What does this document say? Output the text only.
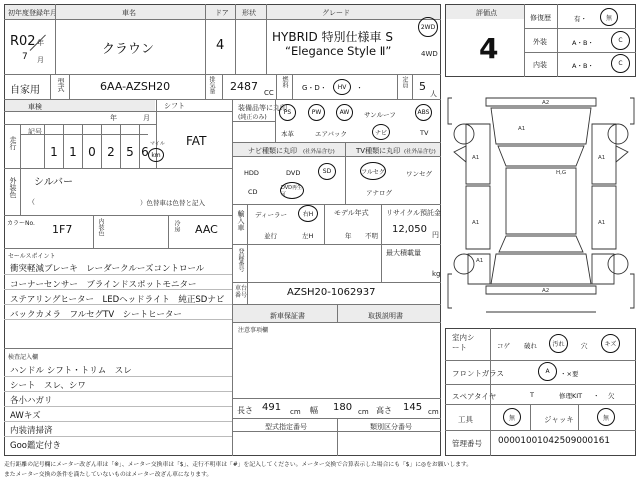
初年度登録年月	車名	ドア 形状	グレード
R02 年
7 月
クラウン	4
HYBRID 特別仕様車 S
“Elegance Style Ⅱ”
2WD
4WD
自家用 型式	6AA-AZSH20	排気量 2487 CC
燃料 G・D・ HV ・	定員 5
人
車検
年	月
シフト
FAT
走行
記号
1 1 0 2 5 6
マイル
km
外装色 シルバー
）色替車は色替と記入
（
カラーNo. 1F7	内装色	冷房 AAC
セールスポイント
衝突軽減ブレーキ　レーダークルーズコントロール
コーナーセンサー　ブラインドスポットモニター
ステアリングヒーター　LEDヘッドライト　純正SDナビ
バックカメラ　フルセグTV　シートヒーター
検査記入欄
ハンドル シフト・トリム　スレ
シート　スレ、シワ
各小ハガリ
AWキズ
内装清掃済
Goo鑑定付き
装備品等に丸印
(純正のみ)
PS	PW	AW サンルーフ	ABS
本革	エアバック	ナビ	TV
ナビ種類に丸印 (社外品含む)	TV種類に丸印 (社外品含む)
HDD	DVD	SD
CD
DVD再生可
フルセグ	ワンセグ
アナログ
輸入車 ディーラー	右H
並行	左H
モデル年式
年 不明
リサイクル預託金
12,050 円
登録番号	最大積載量
kg
車台番号	AZSH20-1062937
新車保証書	取扱説明書
注意事項欄
長さ 491 cm 幅 180 cm 高さ 145 cm
型式指定番号	類別区分番号
評価点
4
修復歴	有・	無
外装	A・B・	C
内装	A・B・	C
A2
A1
A1
A1
A1	A1
A1
H,G
A2
室内シート	コゲ 破れ	汚れ	穴	キズ
フロントガラス	A ・×要
スペアタイヤ	T	修理KIT ・ 欠
工具	無	ジャッキ	無
管理番号 00001001042509000161
走行距離の記号欄にメーター改ざん車は「※」、メーター交換車は「$」、走行不明車は「#」を記入してください。メーター交換で合算表示した場合にも「$」に◎をお願いします。
またメーター交換の条件を満たしていないものはメーター改ざん車になります。
